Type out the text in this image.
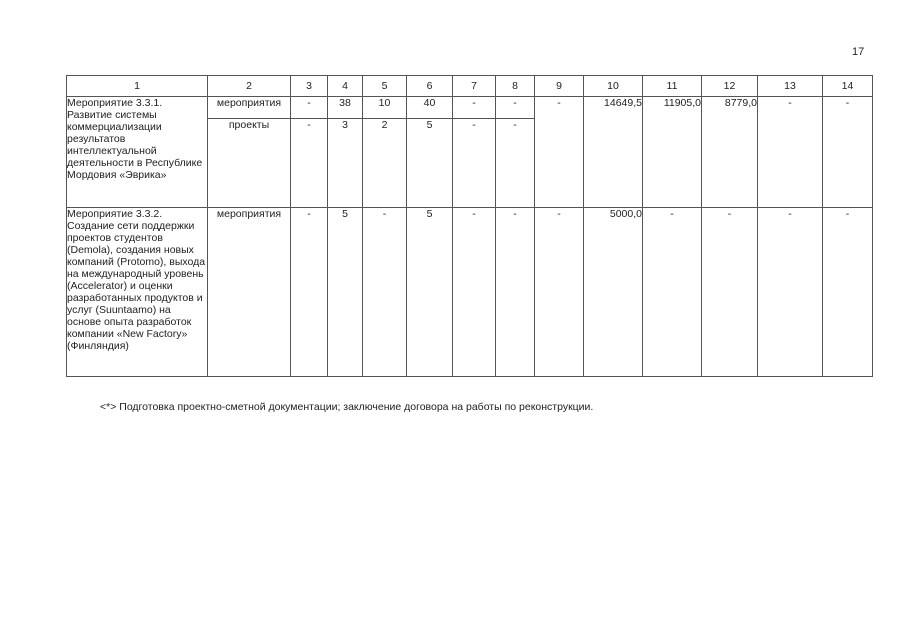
17
1	2	3	4	5	6	7	8	9	10	11	12	13	14
Мероприятие 3.3.1. Развитие системы коммерциализации результатов интеллектуальной деятельности в Республике Мордовия «Эврика»	мероприятия	-	38	10	40	-	-	-	14649,5	11905,0	8779,0	-	-
	проекты	-	3	2	5	-	-						
Мероприятие 3.3.2. Создание сети поддержки проектов студентов (Demola), создания новых компаний (Protomo), выхода на международный уровень (Accelerator) и оценки разработанных продуктов и услуг (Suuntaamo) на основе опыта разработок компании «New Factory» (Финляндия)	мероприятия	-	5	-	5	-	-	-	5000,0	-	-	-	-
<*> Подготовка проектно-сметной документации; заключение договора на работы по реконструкции.
